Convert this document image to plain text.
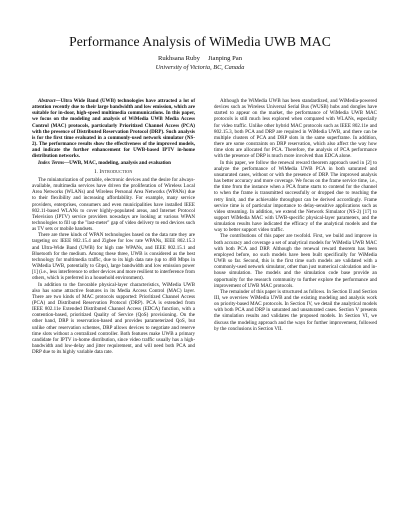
Performance Analysis of WiMedia UWB MAC
Rukhsana Ruby     Jianping Pan
University of Victoria, BC, Canada

Abstract—Ultra Wide Band (UWB) technologies have attracted a lot of attention recently due to their large bandwidth and low emission, which are suitable for in-door, high-speed multimedia communications. In this paper, we focus on the modeling and analysis of WiMedia UWB Media Access Control (MAC) protocols, particularly Prioritized Channel Access (PCA) with the presence of Distributed Reservation Protocol (DRP). Such analysis is for the first time evaluated in a commonly-used network simulator (NS-2). The performance results show the effectiveness of the improved models, and indicate the further enhancement for UWB-based IPTV in-home distribution networks.

Index Terms—UWB, MAC, modeling, analysis and evaluation

I. Introduction

The miniaturization of portable, electronic devices and the desire for always-available, multimedia services have driven the proliferation of Wireless Local Area Networks (WLANs) and Wireless Personal Area Networks (WPANs) due to their flexibility and increasing affordability. For example, many service providers, enterprises, consumers and even municipalities have installed IEEE 802.11-based WLANs to cover highly-populated areas, and Internet Protocol Television (IPTV) service providers nowadays are looking at various WPAN technologies to fill up the "last-meter" gap of video delivery to end devices such as TV sets or mobile handsets.

There are three kinds of WPAN technologies based on the data rate they are targeting on: IEEE 802.15.4 and Zigbee for low rate WPANs, IEEE 802.15.3 and Ultra-Wide Band (UWB) for high rate WPANs, and IEEE 802.15.1 and Bluetooth for the medium. Among these three, UWB is considered as the best technology for multimedia traffic, due to its high data rate (up to 480 Mbps in WiMedia UWB, potentially to Gbps), large bandwidth and low emission power [1] (i.e., less interference to other devices and more resilient to interference from others, which is preferred in a household environment).

In addition to the favorable physical-layer characteristics, WiMedia UWB also has some attractive features in its Media Access Control (MAC) layer. There are two kinds of MAC protocols supported: Prioritized Channel Access (PCA) and Distributed Reservation Protocol (DRP). PCA is extended from IEEE 802.11e Extended Distributed Channel Access (EDCA) function, with a contention-based, prioritized Quality of Service (QoS) provisioning. On the other hand, DRP is reservation-based and provides parameterized QoS, but unlike other reservation schemes, DRP allows devices to negotiate and reserve time slots without a centralized controller. Both features make UWB a primary candidate for IPTV in-home distribution, since video traffic usually has a high-bandwidth and low-delay and jitter requirement, and will need both PCA and DRP due to its highly variable data rate.

Although the WiMedia UWB has been standardized, and WiMedia-powered devices such as Wireless Universal Serial Bus (WUSB) hubs and dongles have started to appear on the market, the performance of WiMedia UWB MAC protocols is still much less explored when compared with WLANs, especially for video traffic. Unlike other hybrid MAC protocols such as IEEE 802.11e and 802.15.3, both PCA and DRP are required in WiMedia UWB, and there can be multiple clusters of PCA and DRP slots in the same superframe. In addition, there are some constraints on DRP reservation, which also affect the way how time slots are allocated for PCA. Therefore, the analysis of PCA performance with the presence of DRP is much more involved than EDCA alone.

In this paper, we follow the renewal reward theorem approach used in [2] to analyze the performance of WiMedia UWB PCA in both saturated and unsaturated cases, without or with the presence of DRP. The improved analysis has better accuracy and more coverage. We focus on the frame service time, i.e., the time from the instance when a PCA frame starts to contend for the channel to when the frame is transmitted successfully or dropped due to reaching the retry limit, and the achievable throughput can be derived accordingly. Frame service time is of particular importance to delay-sensitive applications such as video streaming. In addition, we extend the Network Simulator (NS-2) [17] to support WiMedia MAC with UWB-specific physical-layer parameters, and the simulation results have indicated the efficacy of the analytical models and the way to better support video traffic.

The contributions of this paper are twofold. First, we build and improve in both accuracy and coverage a set of analytical models for WiMedia UWB MAC with both PCA and DRP. Although the renewal reward theorem has been employed before, no such models have been built specifically for WiMedia UWB so far. Second, this is the first time such models are validated with a commonly-used network simulator, other than just numerical calculation and in-house simulation. The models and the simulation code base provide an opportunity for the research community to further explore the performance and improvement of UWB MAC protocols.

The remainder of this paper is structured as follows. In Section II and Section III, we overview WiMedia UWB and the existing modeling and analysis work on priority-based MAC protocols. In Section IV, we detail the analytical models with both PCA and DRP in saturated and unsaturated cases. Section V presents the simulation results and validates the proposed models. In Section VI, we discuss the modeling approach and the ways for further improvement, followed by the conclusions in Section VII.
